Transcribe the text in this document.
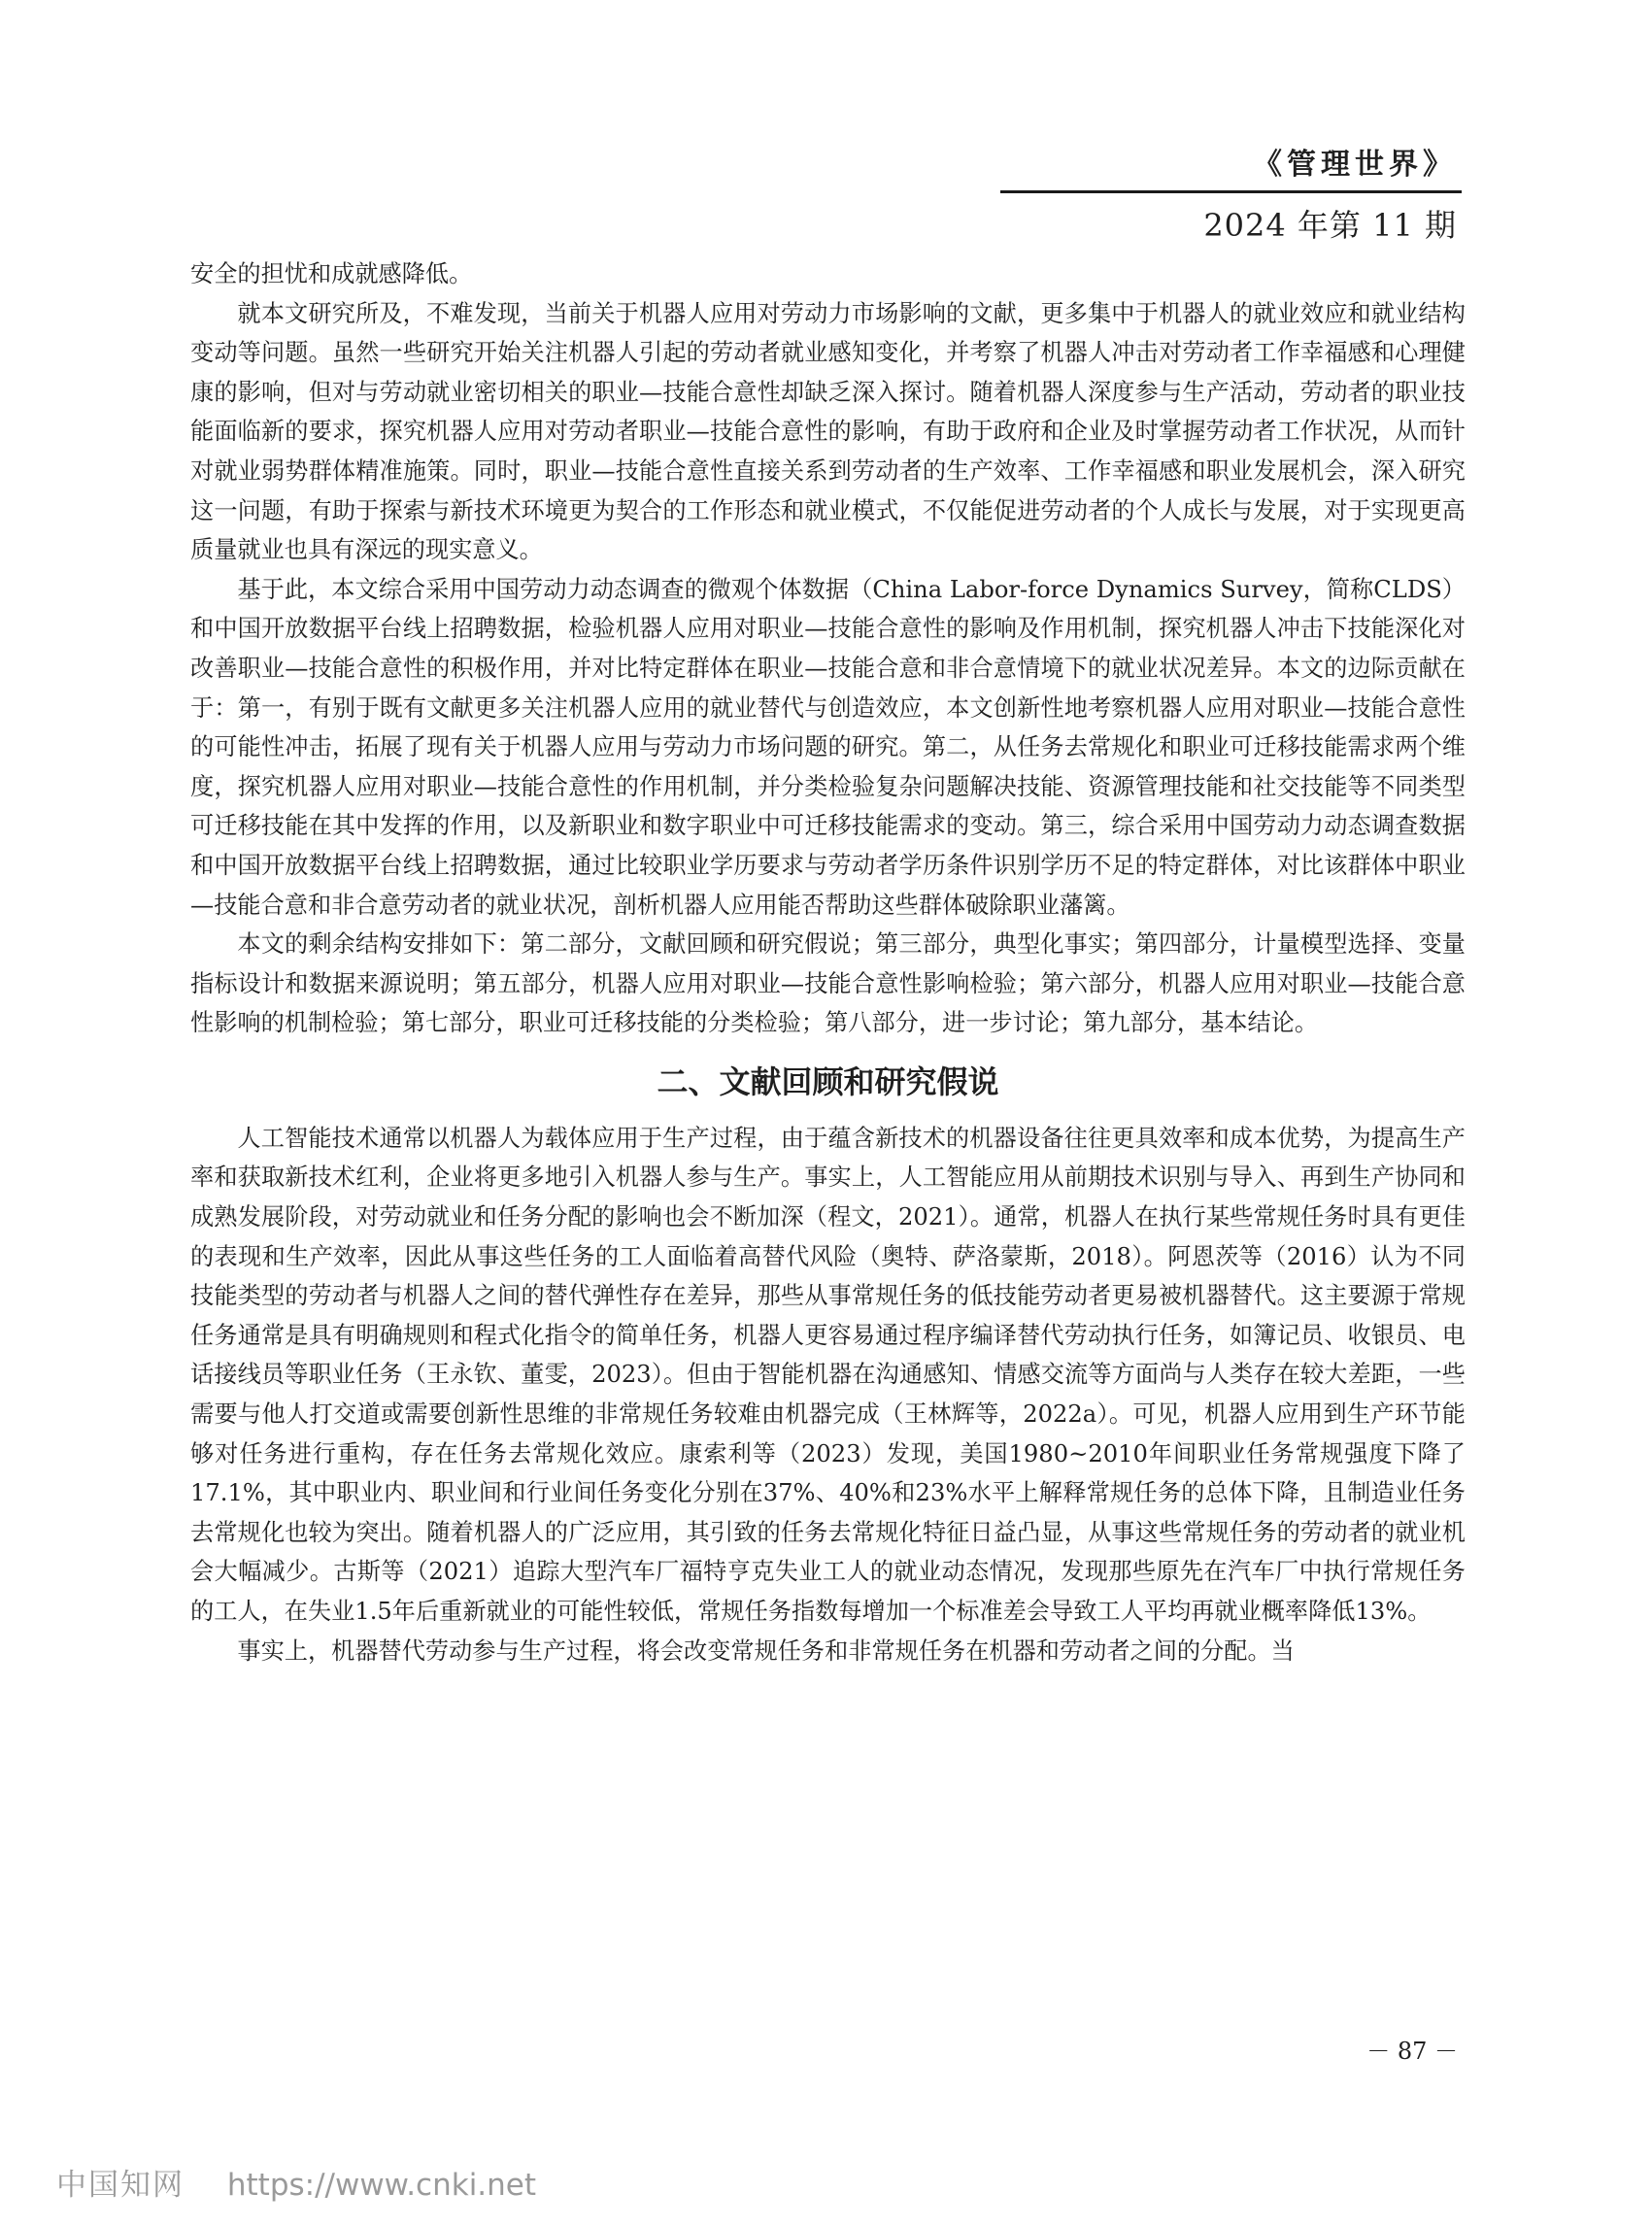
《管理世界》
2024 年第 11 期

安全的担忧和成就感降低。

就本文研究所及，不难发现，当前关于机器人应用对劳动力市场影响的文献，更多集中于机器人的就业效应和就业结构变动等问题。虽然一些研究开始关注机器人引起的劳动者就业感知变化，并考察了机器人冲击对劳动者工作幸福感和心理健康的影响，但对与劳动就业密切相关的职业—技能合意性却缺乏深入探讨。随着机器人深度参与生产活动，劳动者的职业技能面临新的要求，探究机器人应用对劳动者职业—技能合意性的影响，有助于政府和企业及时掌握劳动者工作状况，从而针对就业弱势群体精准施策。同时，职业—技能合意性直接关系到劳动者的生产效率、工作幸福感和职业发展机会，深入研究这一问题，有助于探索与新技术环境更为契合的工作形态和就业模式，不仅能促进劳动者的个人成长与发展，对于实现更高质量就业也具有深远的现实意义。

基于此，本文综合采用中国劳动力动态调查的微观个体数据（China Labor-force Dynamics Survey，简称CLDS）和中国开放数据平台线上招聘数据，检验机器人应用对职业—技能合意性的影响及作用机制，探究机器人冲击下技能深化对改善职业—技能合意性的积极作用，并对比特定群体在职业—技能合意和非合意情境下的就业状况差异。本文的边际贡献在于：第一，有别于既有文献更多关注机器人应用的就业替代与创造效应，本文创新性地考察机器人应用对职业—技能合意性的可能性冲击，拓展了现有关于机器人应用与劳动力市场问题的研究。第二，从任务去常规化和职业可迁移技能需求两个维度，探究机器人应用对职业—技能合意性的作用机制，并分类检验复杂问题解决技能、资源管理技能和社交技能等不同类型可迁移技能在其中发挥的作用，以及新职业和数字职业中可迁移技能需求的变动。第三，综合采用中国劳动力动态调查数据和中国开放数据平台线上招聘数据，通过比较职业学历要求与劳动者学历条件识别学历不足的特定群体，对比该群体中职业—技能合意和非合意劳动者的就业状况，剖析机器人应用能否帮助这些群体破除职业藩篱。

本文的剩余结构安排如下：第二部分，文献回顾和研究假说；第三部分，典型化事实；第四部分，计量模型选择、变量指标设计和数据来源说明；第五部分，机器人应用对职业—技能合意性影响检验；第六部分，机器人应用对职业—技能合意性影响的机制检验；第七部分，职业可迁移技能的分类检验；第八部分，进一步讨论；第九部分，基本结论。

二、文献回顾和研究假说

人工智能技术通常以机器人为载体应用于生产过程，由于蕴含新技术的机器设备往往更具效率和成本优势，为提高生产率和获取新技术红利，企业将更多地引入机器人参与生产。事实上，人工智能应用从前期技术识别与导入、再到生产协同和成熟发展阶段，对劳动就业和任务分配的影响也会不断加深（程文，2021）。通常，机器人在执行某些常规任务时具有更佳的表现和生产效率，因此从事这些任务的工人面临着高替代风险（奥特、萨洛蒙斯，2018）。阿恩茨等（2016）认为不同技能类型的劳动者与机器人之间的替代弹性存在差异，那些从事常规任务的低技能劳动者更易被机器替代。这主要源于常规任务通常是具有明确规则和程式化指令的简单任务，机器人更容易通过程序编译替代劳动执行任务，如簿记员、收银员、电话接线员等职业任务（王永钦、董雯，2023）。但由于智能机器在沟通感知、情感交流等方面尚与人类存在较大差距，一些需要与他人打交道或需要创新性思维的非常规任务较难由机器完成（王林辉等，2022a）。可见，机器人应用到生产环节能够对任务进行重构，存在任务去常规化效应。康索利等（2023）发现，美国1980~2010年间职业任务常规强度下降了17.1%，其中职业内、职业间和行业间任务变化分别在37%、40%和23%水平上解释常规任务的总体下降，且制造业任务去常规化也较为突出。随着机器人的广泛应用，其引致的任务去常规化特征日益凸显，从事这些常规任务的劳动者的就业机会大幅减少。古斯等（2021）追踪大型汽车厂福特亨克失业工人的就业动态情况，发现那些原先在汽车厂中执行常规任务的工人，在失业1.5年后重新就业的可能性较低，常规任务指数每增加一个标准差会导致工人平均再就业概率降低13%。

事实上，机器替代劳动参与生产过程，将会改变常规任务和非常规任务在机器和劳动者之间的分配。当

－ 87 －
中国知网 https://www.cnki.net
